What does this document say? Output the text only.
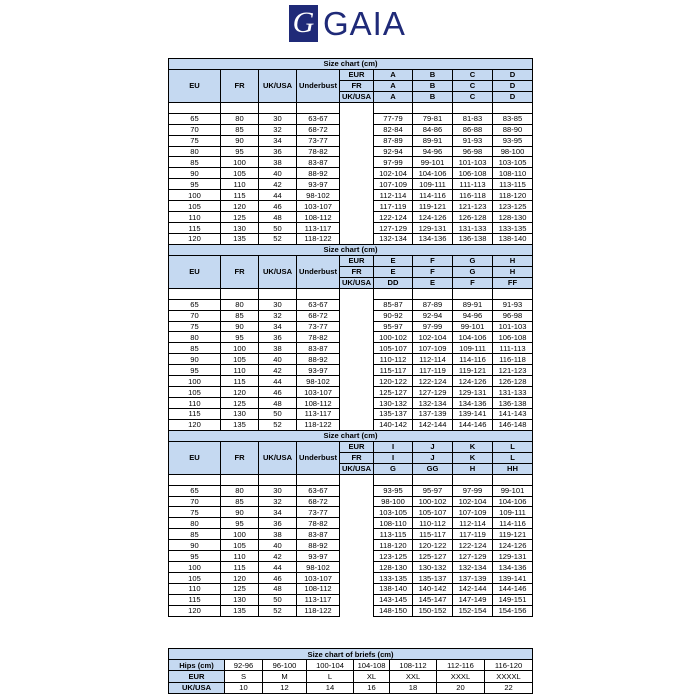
G GAIA
Size chart (cm)								
EU	FR	UK/USA	Underbust	EUR	A	B	C	D
				FR	A	B	C	D
				UK/USA	A	B	C	D

65	80	30	63-67		77-79	79-81	81-83	83-85
70	85	32	68-72		82-84	84-86	86-88	88-90
75	90	34	73-77		87-89	89-91	91-93	93-95
80	95	36	78-82		92-94	94-96	96-98	98-100
85	100	38	83-87		97-99	99-101	101-103	103-105
90	105	40	88-92		102-104	104-106	106-108	108-110
95	110	42	93-97		107-109	109-111	111-113	113-115
100	115	44	98-102		112-114	114-116	116-118	118-120
105	120	46	103-107		117-119	119-121	121-123	123-125
110	125	48	108-112		122-124	124-126	126-128	128-130
115	130	50	113-117		127-129	129-131	131-133	133-135
120	135	52	118-122		132-134	134-136	136-138	138-140
Size chart (cm)								
EU	FR	UK/USA	Underbust	EUR	E	F	G	H
				FR	E	F	G	H
				UK/USA	DD	E	F	FF

65	80	30	63-67		85-87	87-89	89-91	91-93
70	85	32	68-72		90-92	92-94	94-96	96-98
75	90	34	73-77		95-97	97-99	99-101	101-103
80	95	36	78-82		100-102	102-104	104-106	106-108
85	100	38	83-87		105-107	107-109	109-111	111-113
90	105	40	88-92		110-112	112-114	114-116	116-118
95	110	42	93-97		115-117	117-119	119-121	121-123
100	115	44	98-102		120-122	122-124	124-126	126-128
105	120	46	103-107		125-127	127-129	129-131	131-133
110	125	48	108-112		130-132	132-134	134-136	136-138
115	130	50	113-117		135-137	137-139	139-141	141-143
120	135	52	118-122		140-142	142-144	144-146	146-148
Size chart (cm)								
EU	FR	UK/USA	Underbust	EUR	I	J	K	L
				FR	I	J	K	L
				UK/USA	G	GG	H	HH

65	80	30	63-67		93-95	95-97	97-99	99-101
70	85	32	68-72		98-100	100-102	102-104	104-106
75	90	34	73-77		103-105	105-107	107-109	109-111
80	95	36	78-82		108-110	110-112	112-114	114-116
85	100	38	83-87		113-115	115-117	117-119	119-121
90	105	40	88-92		118-120	120-122	122-124	124-126
95	110	42	93-97		123-125	125-127	127-129	129-131
100	115	44	98-102		128-130	130-132	132-134	134-136
105	120	46	103-107		133-135	135-137	137-139	139-141
110	125	48	108-112		138-140	140-142	142-144	144-146
115	130	50	113-117		143-145	145-147	147-149	149-151
120	135	52	118-122		148-150	150-152	152-154	154-156
Size chart of briefs (cm)							
Hips (cm)	92-96	96-100	100-104	104-108	108-112	112-116	116-120
EUR	S	M	L	XL	XXL	XXXL	XXXXL
UK/USA	10	12	14	16	18	20	22
